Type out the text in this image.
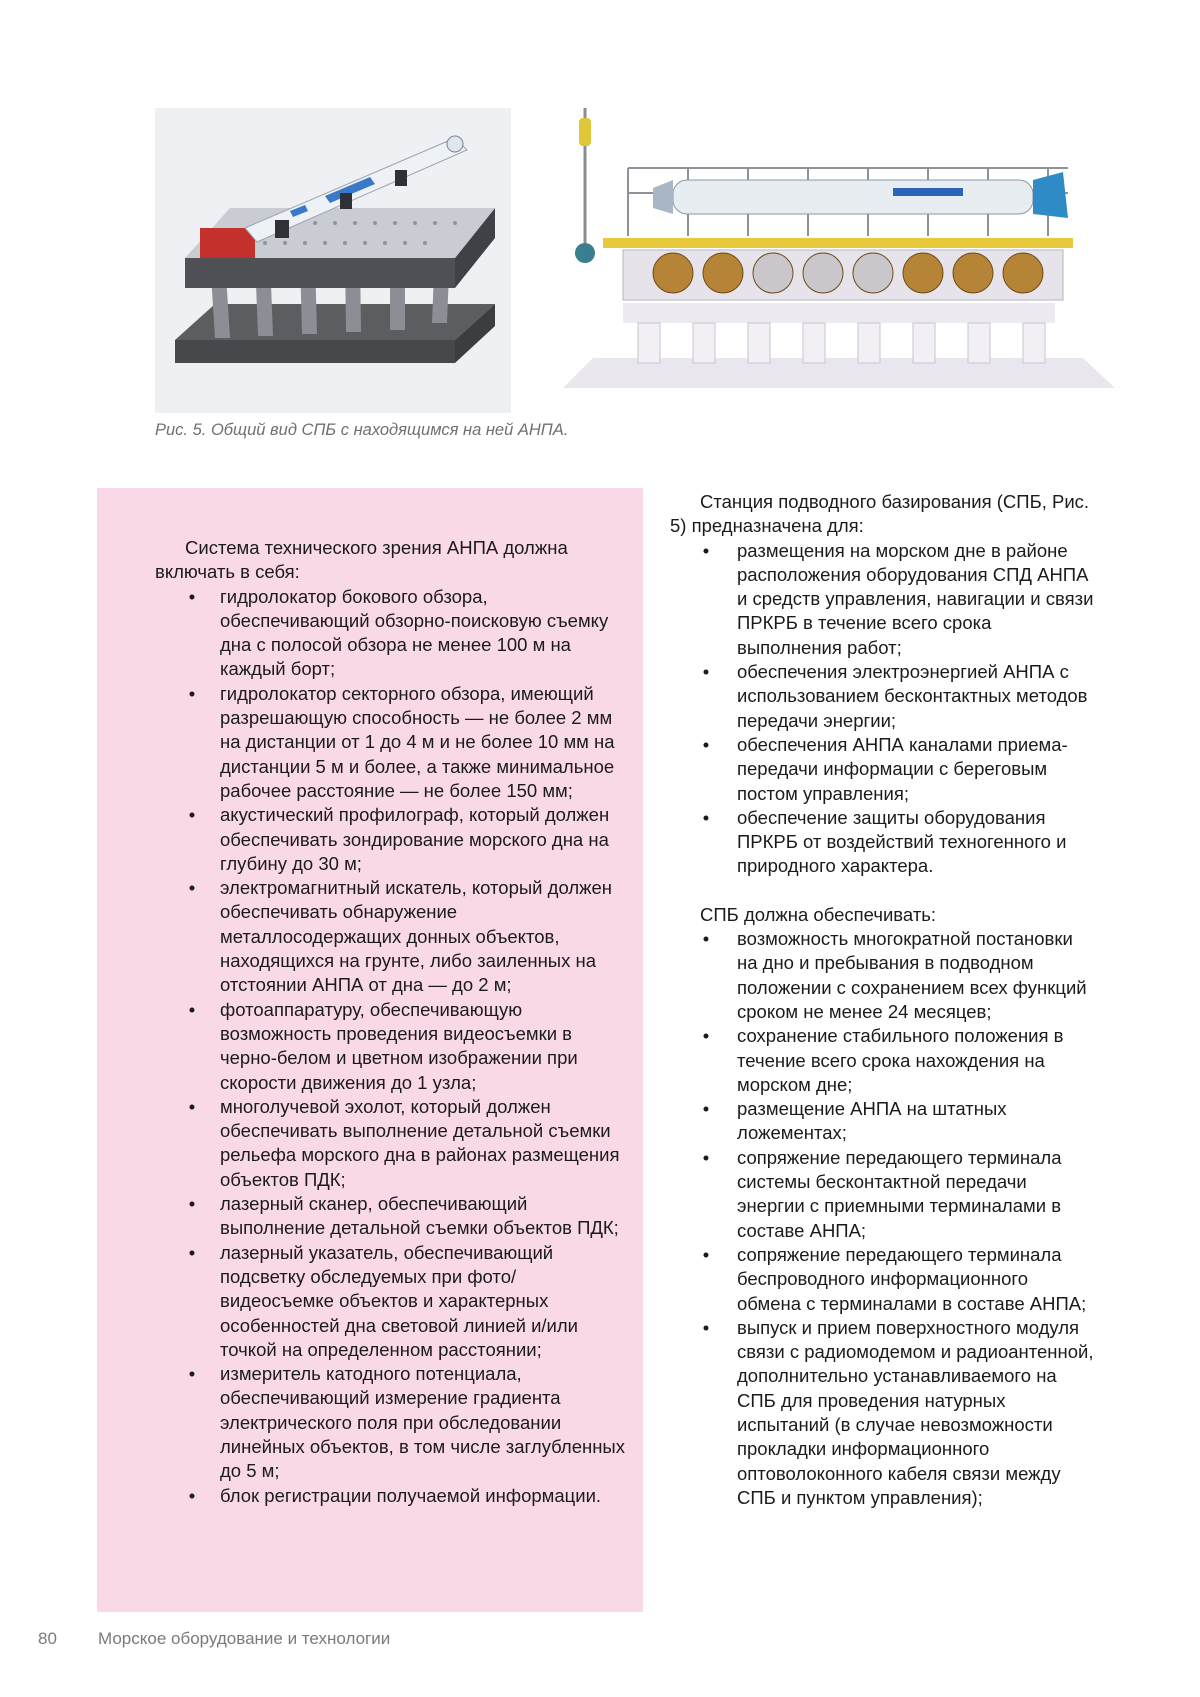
Рис. 5. Общий вид СПБ с находящимся на ней АНПА.

Система технического зрения АНПА должна включать в себя:

• гидролокатор бокового обзора, обеспечивающий обзорно-поисковую съемку дна с полосой обзора не менее 100 м на каждый борт;
• гидролокатор секторного обзора, имеющий разрешающую способность — не более 2 мм на дистанции от 1 до 4 м и не более 10 мм на дистанции 5 м и более, а также минимальное рабочее расстояние — не более 150 мм;
• акустический профилограф, который должен обеспечивать зондирование морского дна на глубину до 30 м;
• электромагнитный искатель, который должен обеспечивать обнаружение металлосодержащих донных объектов, находящихся на грунте, либо заиленных на отстоянии АНПА от дна — до 2 м;
• фотоаппаратуру, обеспечивающую возможность проведения видеосъемки в черно-белом и цветном изображении при скорости движения до 1 узла;
• многолучевой эхолот, который должен обеспечивать выполнение детальной съемки рельефа морского дна в районах размещения объектов ПДК;
• лазерный сканер, обеспечивающий выполнение детальной съемки объектов ПДК;
• лазерный указатель, обеспечивающий подсветку обследуемых при фото/видеосъемке объектов и характерных особенностей дна световой линией и/или точкой на определенном расстоянии;
• измеритель катодного потенциала, обеспечивающий измерение градиента электрического поля при обследовании линейных объектов, в том числе заглубленных до 5 м;
• блок регистрации получаемой информации.

Станция подводного базирования (СПБ, Рис. 5) предназначена для:

• размещения на морском дне в районе расположения оборудования СПД АНПА и средств управления, навигации и связи ПРКРБ в течение всего срока выполнения работ;
• обеспечения электроэнергией АНПА с использованием бесконтактных методов передачи энергии;
• обеспечения АНПА каналами приема-передачи информации с береговым постом управления;
• обеспечение защиты оборудования ПРКРБ от воздействий техногенного и природного характера.

СПБ должна обеспечивать:

• возможность многократной постановки на дно и пребывания в подводном положении с сохранением всех функций сроком не менее 24 месяцев;
• сохранение стабильного положения в течение всего срока нахождения на морском дне;
• размещение АНПА на штатных ложементах;
• сопряжение передающего терминала системы бесконтактной передачи энергии с приемными терминалами в составе АНПА;
• сопряжение передающего терминала беспроводного информационного обмена с терминалами в составе АНПА;
• выпуск и прием поверхностного модуля связи с радиомодемом и радиоантенной, дополнительно устанавливаемого на СПБ для проведения натурных испытаний (в случае невозможности прокладки информационного оптоволоконного кабеля связи между СПБ и пунктом управления);
80 Морское оборудование и технологии
